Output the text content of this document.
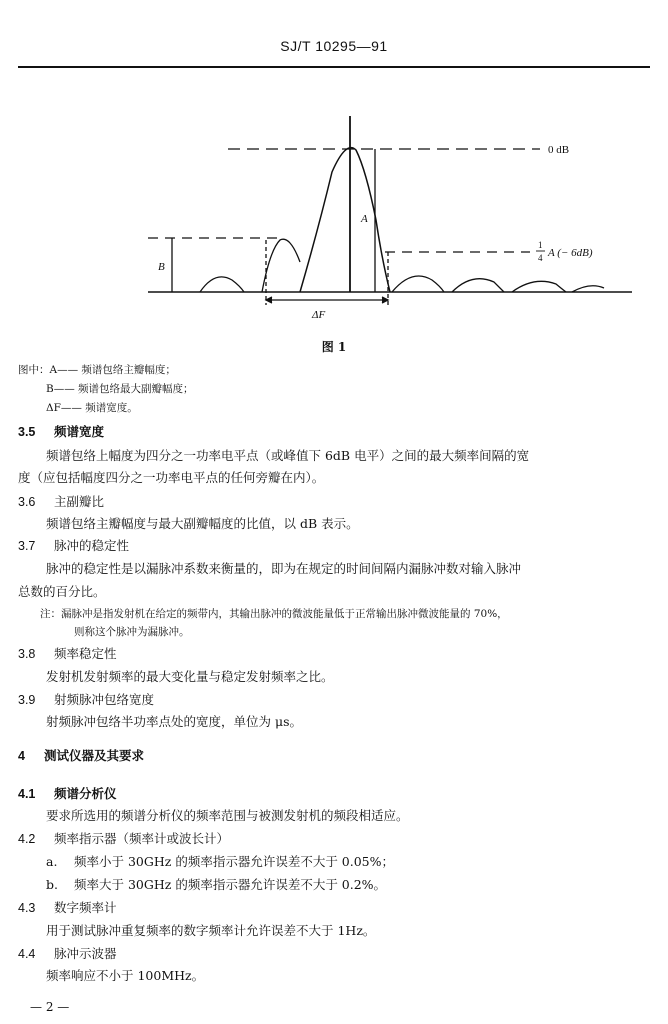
SJ/T 10295—91
0 dB
A
B
1
4 A (− 6dB)
ΔF
图 1
图中：A—— 频谱包络主瓣幅度；
B—— 频谱包络最大副瓣幅度；
ΔF—— 频谱宽度。
3.5 频谱宽度
频谱包络上幅度为四分之一功率电平点（或峰值下 6dB 电平）之间的最大频率间隔的宽
度（应包括幅度四分之一功率电平点的任何旁瓣在内）。
3.6 主副瓣比
频谱包络主瓣幅度与最大副瓣幅度的比值，以 dB 表示。
3.7 脉冲的稳定性
脉冲的稳定性是以漏脉冲系数来衡量的，即为在规定的时间间隔内漏脉冲数对输入脉冲
总数的百分比。
注：漏脉冲是指发射机在给定的频带内，其输出脉冲的微波能量低于正常输出脉冲微波能量的 70%，
则称这个脉冲为漏脉冲。
3.8 频率稳定性
发射机发射频率的最大变化量与稳定发射频率之比。
3.9 射频脉冲包络宽度
射频脉冲包络半功率点处的宽度，单位为 μs。
4 测试仪器及其要求
4.1 频谱分析仪
要求所选用的频谱分析仪的频率范围与被测发射机的频段相适应。
4.2 频率指示器（频率计或波长计）
a. 频率小于 30GHz 的频率指示器允许误差不大于 0.05%；
b. 频率大于 30GHz 的频率指示器允许误差不大于 0.2%。
4.3 数字频率计
用于测试脉冲重复频率的数字频率计允许误差不大于 1Hz。
4.4 脉冲示波器
频率响应不小于 100MHz。
— 2 —
